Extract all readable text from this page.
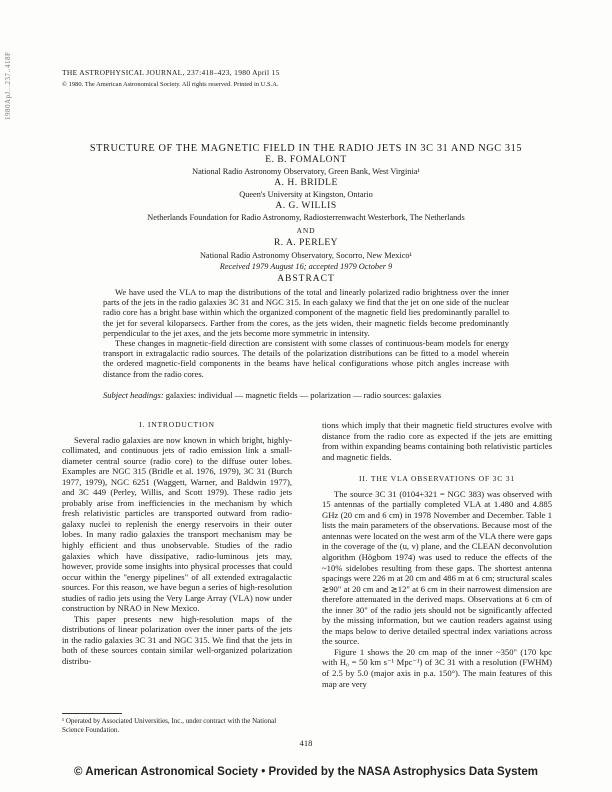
1980ApJ...237..418F	THE ASTROPHYSICAL JOURNAL, 237:418–423, 1980 April 15
© 1980. The American Astronomical Society. All rights reserved. Printed in U.S.A.
STRUCTURE OF THE MAGNETIC FIELD IN THE RADIO JETS IN 3C 31 AND NGC 315
E. B. FOMALONT
National Radio Astronomy Observatory, Green Bank, West Virginia¹
A. H. BRIDLE
Queen's University at Kingston, Ontario
A. G. WILLIS
Netherlands Foundation for Radio Astronomy, Radiosterrenwacht Westerbork, The Netherlands
AND
R. A. PERLEY
National Radio Astronomy Observatory, Socorro, New Mexico¹
Received 1979 August 16; accepted 1979 October 9
ABSTRACT

We have used the VLA to map the distributions of the total and linearly polarized radio brightness over the inner parts of the jets in the radio galaxies 3C 31 and NGC 315. In each galaxy we find that the jet on one side of the nuclear radio core has a bright base within which the organized component of the magnetic field lies predominantly parallel to the jet for several kiloparsecs. Farther from the cores, as the jets widen, their magnetic fields become predominantly perpendicular to the jet axes, and the jets become more symmetric in intensity.

These changes in magnetic-field direction are consistent with some classes of continuous-beam models for energy transport in extragalactic radio sources. The details of the polarization distributions can be fitted to a model wherein the ordered magnetic-field components in the beams have helical configurations whose pitch angles increase with distance from the radio cores.

Subject headings: galaxies: individual — magnetic fields — polarization — radio sources: galaxies
I. INTRODUCTION

Several radio galaxies are now known in which bright, highly-collimated, and continuous jets of radio emission link a small-diameter central source (radio core) to the diffuse outer lobes. Examples are NGC 315 (Bridle et al. 1976, 1979), 3C 31 (Burch 1977, 1979), NGC 6251 (Waggett, Warner, and Baldwin 1977), and 3C 449 (Perley, Willis, and Scott 1979). These radio jets probably arise from inefficiencies in the mechanism by which fresh relativistic particles are transported outward from radio-galaxy nuclei to replenish the energy reservoirs in their outer lobes. In many radio galaxies the transport mechanism may be highly efficient and thus unobservable. Studies of the radio galaxies which have dissipative, radio-luminous jets may, however, provide some insights into physical processes that could occur within the "energy pipelines" of all extended extragalactic sources. For this reason, we have begun a series of high-resolution studies of radio jets using the Very Large Array (VLA) now under construction by NRAO in New Mexico.

This paper presents new high-resolution maps of the distributions of linear polarization over the inner parts of the jets in the radio galaxies 3C 31 and NGC 315. We find that the jets in both of these sources contain similar well-organized polarization distribu-

¹ Operated by Associated Universities, Inc., under contract with the National Science Foundation.

tions which imply that their magnetic field structures evolve with distance from the radio core as expected if the jets are emitting from within expanding beams containing both relativistic particles and magnetic fields.

II. THE VLA OBSERVATIONS OF 3C 31

The source 3C 31 (0104+321 = NGC 383) was observed with 15 antennas of the partially completed VLA at 1.480 and 4.885 GHz (20 cm and 6 cm) in 1978 November and December. Table 1 lists the main parameters of the observations. Because most of the antennas were located on the west arm of the VLA there were gaps in the coverage of the (u, v) plane, and the CLEAN deconvolution algorithm (Högbom 1974) was used to reduce the effects of the ~10% sidelobes resulting from these gaps. The shortest antenna spacings were 226 m at 20 cm and 486 m at 6 cm; structural scales ≳90" at 20 cm and ≳12" at 6 cm in their narrowest dimension are therefore attenuated in the derived maps. Observations at 6 cm of the inner 30" of the radio jets should not be significantly affected by the missing information, but we caution readers against using the maps below to derive detailed spectral index variations across the source.

Figure 1 shows the 20 cm map of the inner ~350" (170 kpc with H₀ = 50 km s⁻¹ Mpc⁻¹) of 3C 31 with a resolution (FWHM) of 2.5 by 5.0 (major axis in p.a. 150°). The main features of this map are very

418
© American Astronomical Society • Provided by the NASA Astrophysics Data System
